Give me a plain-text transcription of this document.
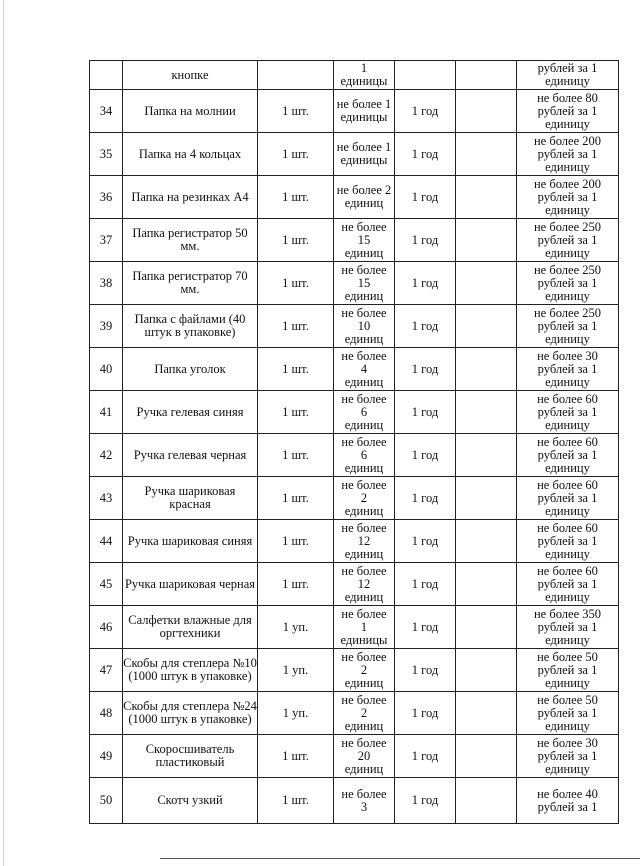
	кнопке		1
единицы			рублей за 1
единицу

34	Папка на молнии	1 шт.	не более 1
единицы	1 год		не более 80
рублей за 1
единицу

35	Папка на 4 кольцах	1 шт.	не более 1
единицы	1 год		не более 200
рублей за 1
единицу

36	Папка на резинках А4	1 шт.	не более 2
единиц	1 год		не более 200
рублей за 1
единицу

37	Папка регистратор 50 мм.	1 шт.	не более
15
единиц	1 год		не более 250
рублей за 1
единицу

38	Папка регистратор 70 мм.	1 шт.	не более
15
единиц	1 год		не более 250
рублей за 1
единицу

39	Папка с файлами (40 штук в упаковке)	1 шт.	не более
10
единиц	1 год		не более 250
рублей за 1
единицу

40	Папка уголок	1 шт.	не более
4
единиц	1 год		не более 30
рублей за 1
единицу

41	Ручка гелевая синяя	1 шт.	не более
6
единиц	1 год		не более 60
рублей за 1
единицу

42	Ручка гелевая черная	1 шт.	не более
6
единиц	1 год		не более 60
рублей за 1
единицу

43	Ручка шариковая красная	1 шт.	не более
2
единиц	1 год		не более 60
рублей за 1
единицу

44	Ручка шариковая синяя	1 шт.	не более
12
единиц	1 год		не более 60
рублей за 1
единицу

45	Ручка шариковая черная	1 шт.	не более
12
единиц	1 год		не более 60
рублей за 1
единицу

46	Салфетки влажные для оргтехники	1 уп.	не более
1
единицы	1 год		не более 350
рублей за 1
единицу

47	Скобы для степлера №10 (1000 штук в упаковке)	1 уп.	не более
2
единиц	1 год		не более 50
рублей за 1
единицу

48	Скобы для степлера №24 (1000 штук в упаковке)	1 уп.	не более
2
единиц	1 год		не более 50
рублей за 1
единицу

49	Скоросшиватель пластиковый	1 шт.	не более
20
единиц	1 год		не более 30
рублей за 1
единицу

50	Скотч узкий	1 шт.	не более
3	1 год		не более 40
рублей за 1
